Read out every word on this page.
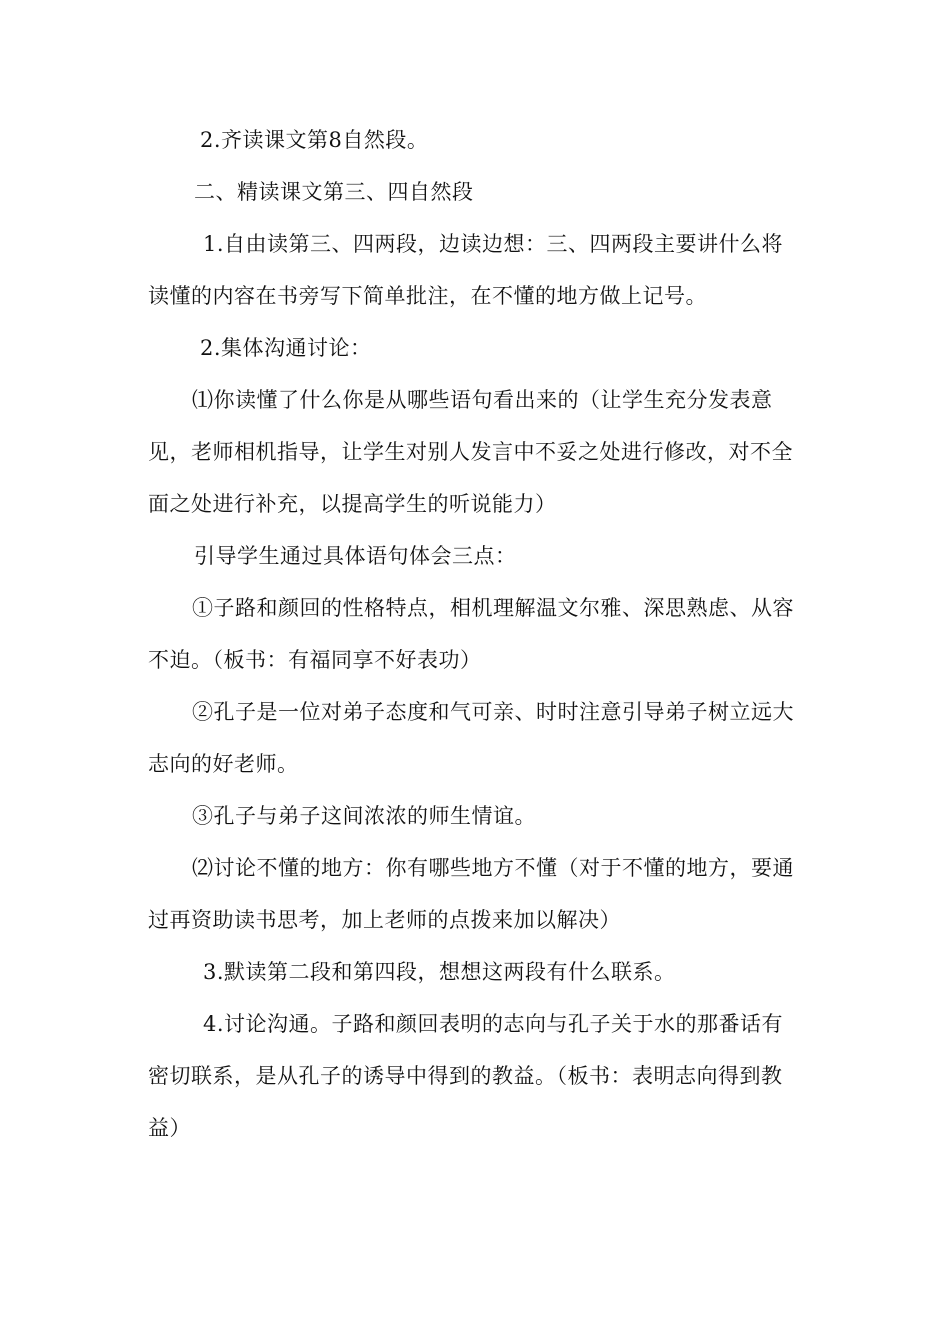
2.齐读课文第8自然段。

二、精读课文第三、四自然段

1.自由读第三、四两段，边读边想：三、四两段主要讲什么将读懂的内容在书旁写下简单批注，在不懂的地方做上记号。

2.集体沟通讨论：

⑴你读懂了什么你是从哪些语句看出来的（让学生充分发表意见，老师相机指导，让学生对别人发言中不妥之处进行修改，对不全面之处进行补充，以提高学生的听说能力）

引导学生通过具体语句体会三点：

①子路和颜回的性格特点，相机理解温文尔雅、深思熟虑、从容不迫。（板书：有福同享不好表功）

②孔子是一位对弟子态度和气可亲、时时注意引导弟子树立远大志向的好老师。

③孔子与弟子这间浓浓的师生情谊。

⑵讨论不懂的地方：你有哪些地方不懂（对于不懂的地方，要通过再资助读书思考，加上老师的点拨来加以解决）

3.默读第二段和第四段，想想这两段有什么联系。

4.讨论沟通。子路和颜回表明的志向与孔子关于水的那番话有密切联系，是从孔子的诱导中得到的教益。（板书：表明志向得到教益）
